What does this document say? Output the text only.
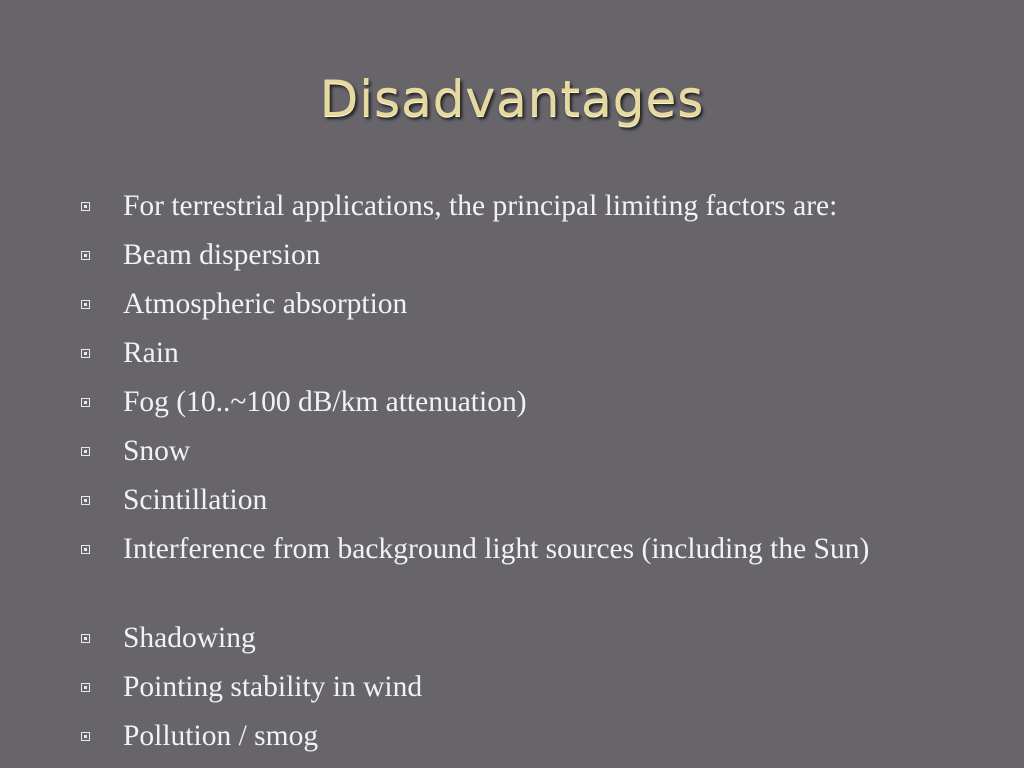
Disadvantages
For terrestrial applications, the principal limiting factors are:
Beam dispersion
Atmospheric absorption
Rain
Fog (10..~100 dB/km attenuation)
Snow
Scintillation
Interference from background light sources (including the Sun)
Shadowing
Pointing stability in wind
Pollution / smog
